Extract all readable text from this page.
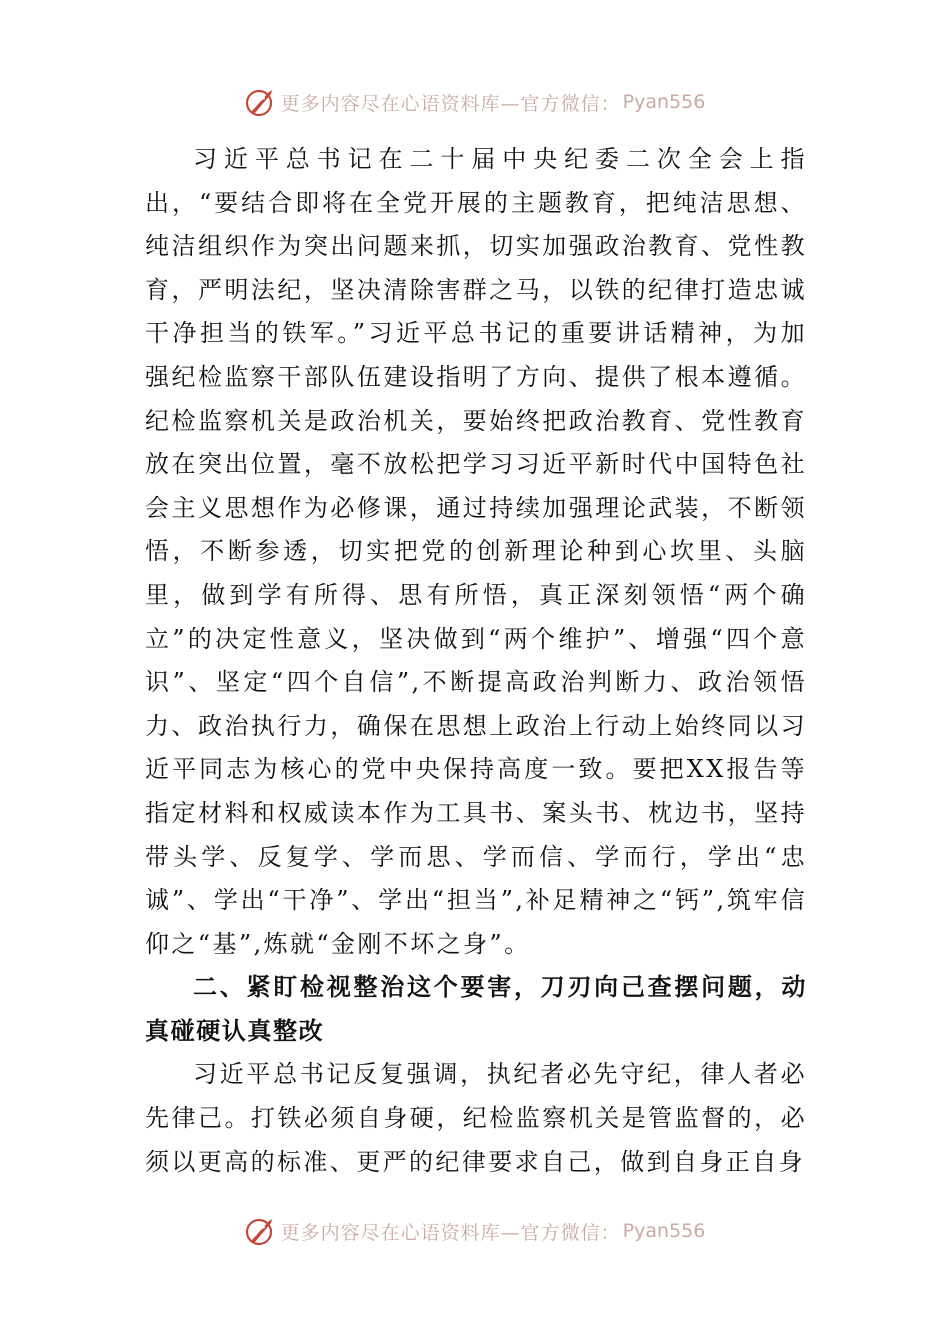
更多内容尽在心语资料库—官方微信： Pyan556

习近平总书记在二十届中央纪委二次全会上指出，“要结合即将在全党开展的主题教育，把纯洁思想、纯洁组织作为突出问题来抓，切实加强政治教育、党性教育，严明法纪，坚决清除害群之马，以铁的纪律打造忠诚干净担当的铁军。”习近平总书记的重要讲话精神，为加强纪检监察干部队伍建设指明了方向、提供了根本遵循。纪检监察机关是政治机关，要始终把政治教育、党性教育放在突出位置，毫不放松把学习习近平新时代中国特色社会主义思想作为必修课，通过持续加强理论武装，不断领悟，不断参透，切实把党的创新理论种到心坎里、头脑里，做到学有所得、思有所悟，真正深刻领悟“两个确立”的决定性意义，坚决做到“两个维护”、增强“四个意识”、坚定“四个自信”,不断提高政治判断力、政治领悟力、政治执行力，确保在思想上政治上行动上始终同以习近平同志为核心的党中央保持高度一致。要把XX报告等指定材料和权威读本作为工具书、案头书、枕边书，坚持带头学、反复学、学而思、学而信、学而行，学出“忠诚”、学出“干净”、学出“担当”,补足精神之“钙”,筑牢信仰之“基”,炼就“金刚不坏之身”。

二、紧盯检视整治这个要害，刀刃向己查摆问题，动真碰硬认真整改

习近平总书记反复强调，执纪者必先守纪，律人者必先律己。打铁必须自身硬，纪检监察机关是管监督的，必须以更高的标准、更严的纪律要求自己，做到自身正自身

更多内容尽在心语资料库—官方微信： Pyan556
